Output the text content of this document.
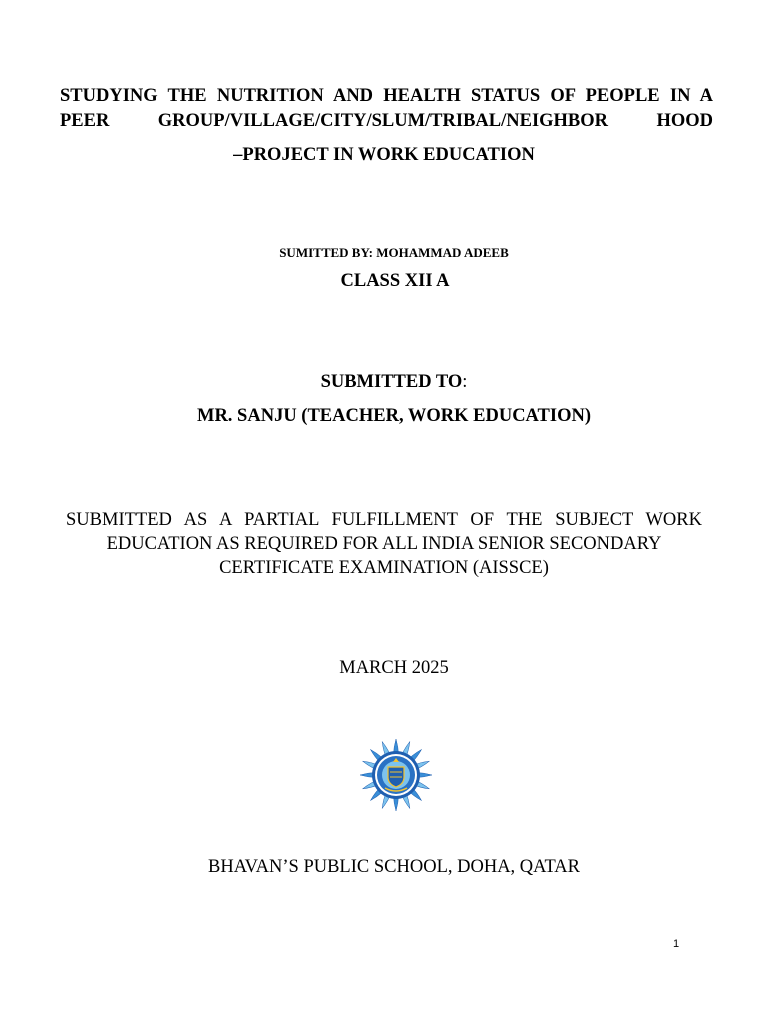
STUDYING THE NUTRITION AND HEALTH STATUS OF PEOPLE IN A PEER GROUP/VILLAGE/CITY/SLUM/TRIBAL/NEIGHBOR HOOD
–PROJECT IN WORK EDUCATION
SUMITTED BY: MOHAMMAD ADEEB
CLASS XII A
SUBMITTED TO:
MR. SANJU (TEACHER, WORK EDUCATION)
SUBMITTED AS A PARTIAL FULFILLMENT OF THE SUBJECT WORK
EDUCATION AS REQUIRED FOR ALL INDIA SENIOR SECONDARY CERTIFICATE EXAMINATION (AISSCE)
MARCH 2025
BHAVAN’S PUBLIC SCHOOL, DOHA, QATAR
1
